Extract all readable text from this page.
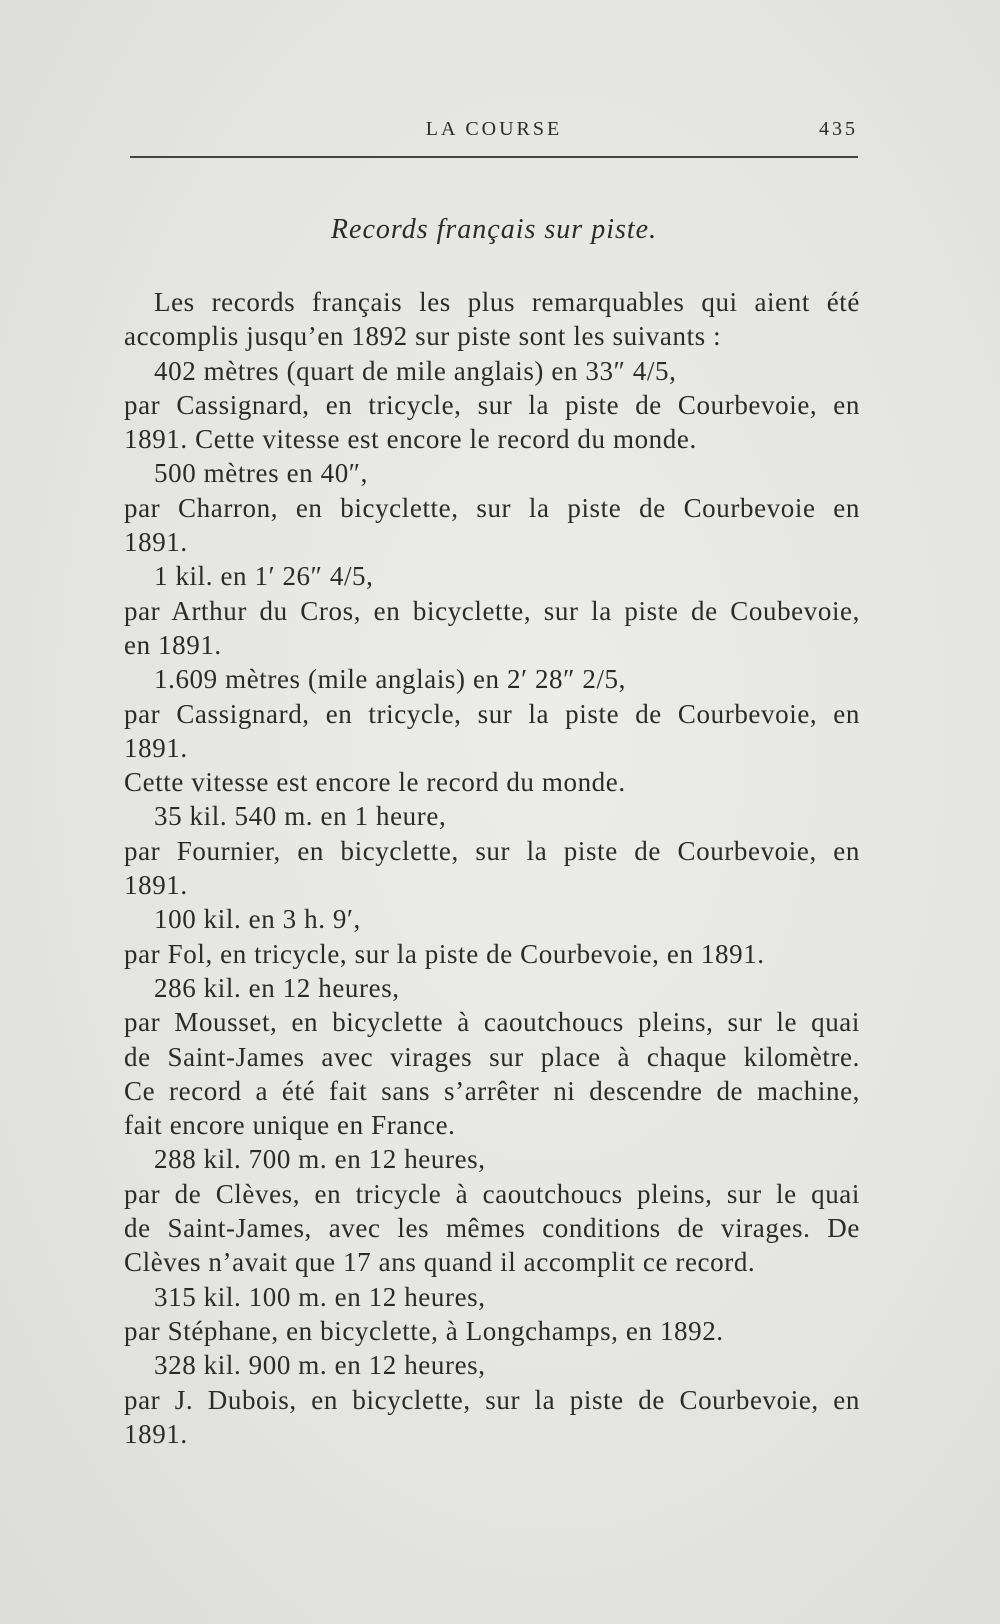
LA COURSE	435
Records français sur piste.
Les records français les plus remarquables qui aient été
accomplis jusqu’en 1892 sur piste sont les suivants :
402 mètres (quart de mile anglais) en 33″ 4/5,
par Cassignard, en tricycle, sur la piste de Courbevoie, en
1891. Cette vitesse est encore le record du monde.
500 mètres en 40″,
par Charron, en bicyclette, sur la piste de Courbevoie en
1891.
1 kil. en 1′ 26″ 4/5,
par Arthur du Cros, en bicyclette, sur la piste de Coubevoie,
en 1891.
1.609 mètres (mile anglais) en 2′ 28″ 2/5,
par Cassignard, en tricycle, sur la piste de Courbevoie, en
1891.
Cette vitesse est encore le record du monde.
35 kil. 540 m. en 1 heure,
par Fournier, en bicyclette, sur la piste de Courbevoie, en
1891.
100 kil. en 3 h. 9′,
par Fol, en tricycle, sur la piste de Courbevoie, en 1891.
286 kil. en 12 heures,
par Mousset, en bicyclette à caoutchoucs pleins, sur le quai
de Saint-James avec virages sur place à chaque kilomètre.
Ce record a été fait sans s’arrêter ni descendre de machine,
fait encore unique en France.
288 kil. 700 m. en 12 heures,
par de Clèves, en tricycle à caoutchoucs pleins, sur le quai
de Saint-James, avec les mêmes conditions de virages. De
Clèves n’avait que 17 ans quand il accomplit ce record.
315 kil. 100 m. en 12 heures,
par Stéphane, en bicyclette, à Longchamps, en 1892.
328 kil. 900 m. en 12 heures,
par J. Dubois, en bicyclette, sur la piste de Courbevoie, en
1891.
